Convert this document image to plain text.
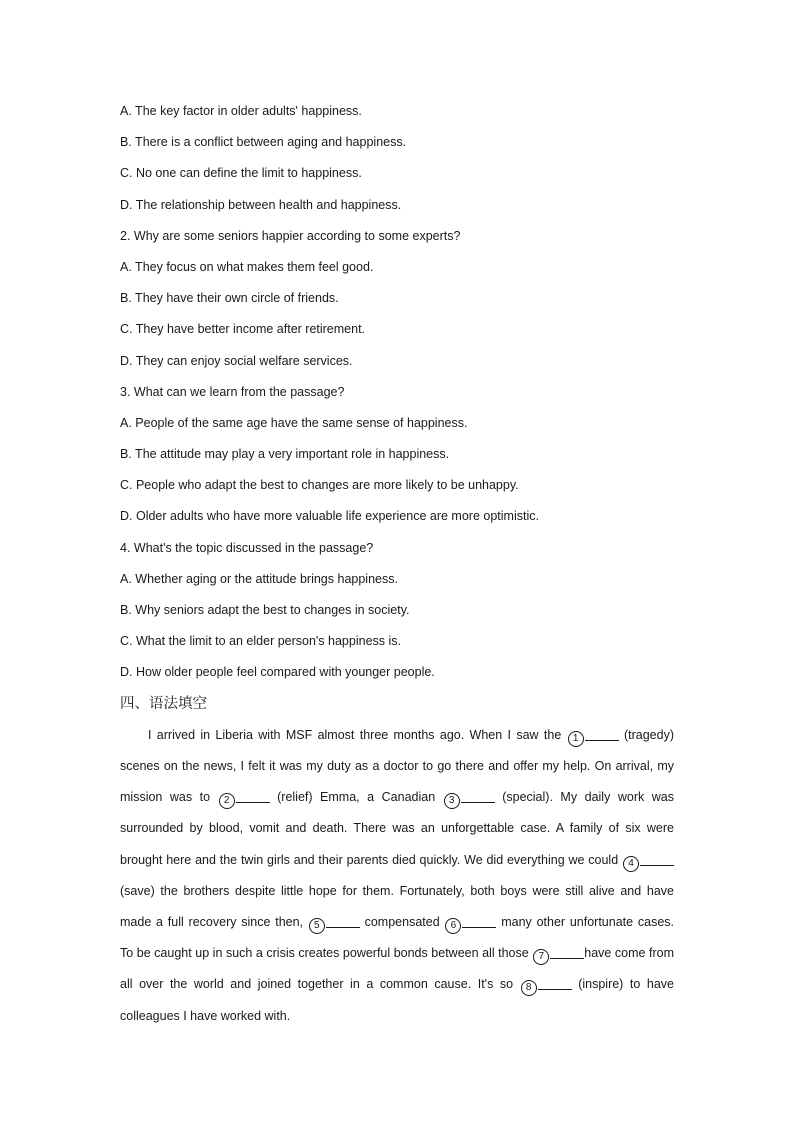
A. The key factor in older adults' happiness.
B. There is a conflict between aging and happiness.
C. No one can define the limit to happiness.
D. The relationship between health and happiness.
2. Why are some seniors happier according to some experts?
A. They focus on what makes them feel good.
B. They have their own circle of friends.
C. They have better income after retirement.
D. They can enjoy social welfare services.
3. What can we learn from the passage?
A. People of the same age have the same sense of happiness.
B. The attitude may play a very important role in happiness.
C. People who adapt the best to changes are more likely to be unhappy.
D. Older adults who have more valuable life experience are more optimistic.
4. What's the topic discussed in the passage?
A. Whether aging or the attitude brings happiness.
B. Why seniors adapt the best to changes in society.
C. What the limit to an elder person's happiness is.
D. How older people feel compared with younger people.
四、语法填空

I arrived in Liberia with MSF almost three months ago. When I saw the 1	(tragedy) scenes on the news, I felt it was my duty as a doctor to go there and offer my help. On arrival, my mission was to 2	(relief) Emma, a Canadian 3	(special). My daily work was surrounded by blood, vomit and death. There was an unforgettable case. A family of six were brought here and the twin girls and their parents died quickly. We did everything we could 4 (save) the brothers despite little hope for them. Fortunately, both boys were still alive and have made a full recovery since then, 5	compensated 6	many other unfortunate cases. To be caught up in such a crisis creates powerful bonds between all those 7	have come from all over the world and joined together in a common cause. It's so 8	(inspire) to have colleagues I have worked with.
